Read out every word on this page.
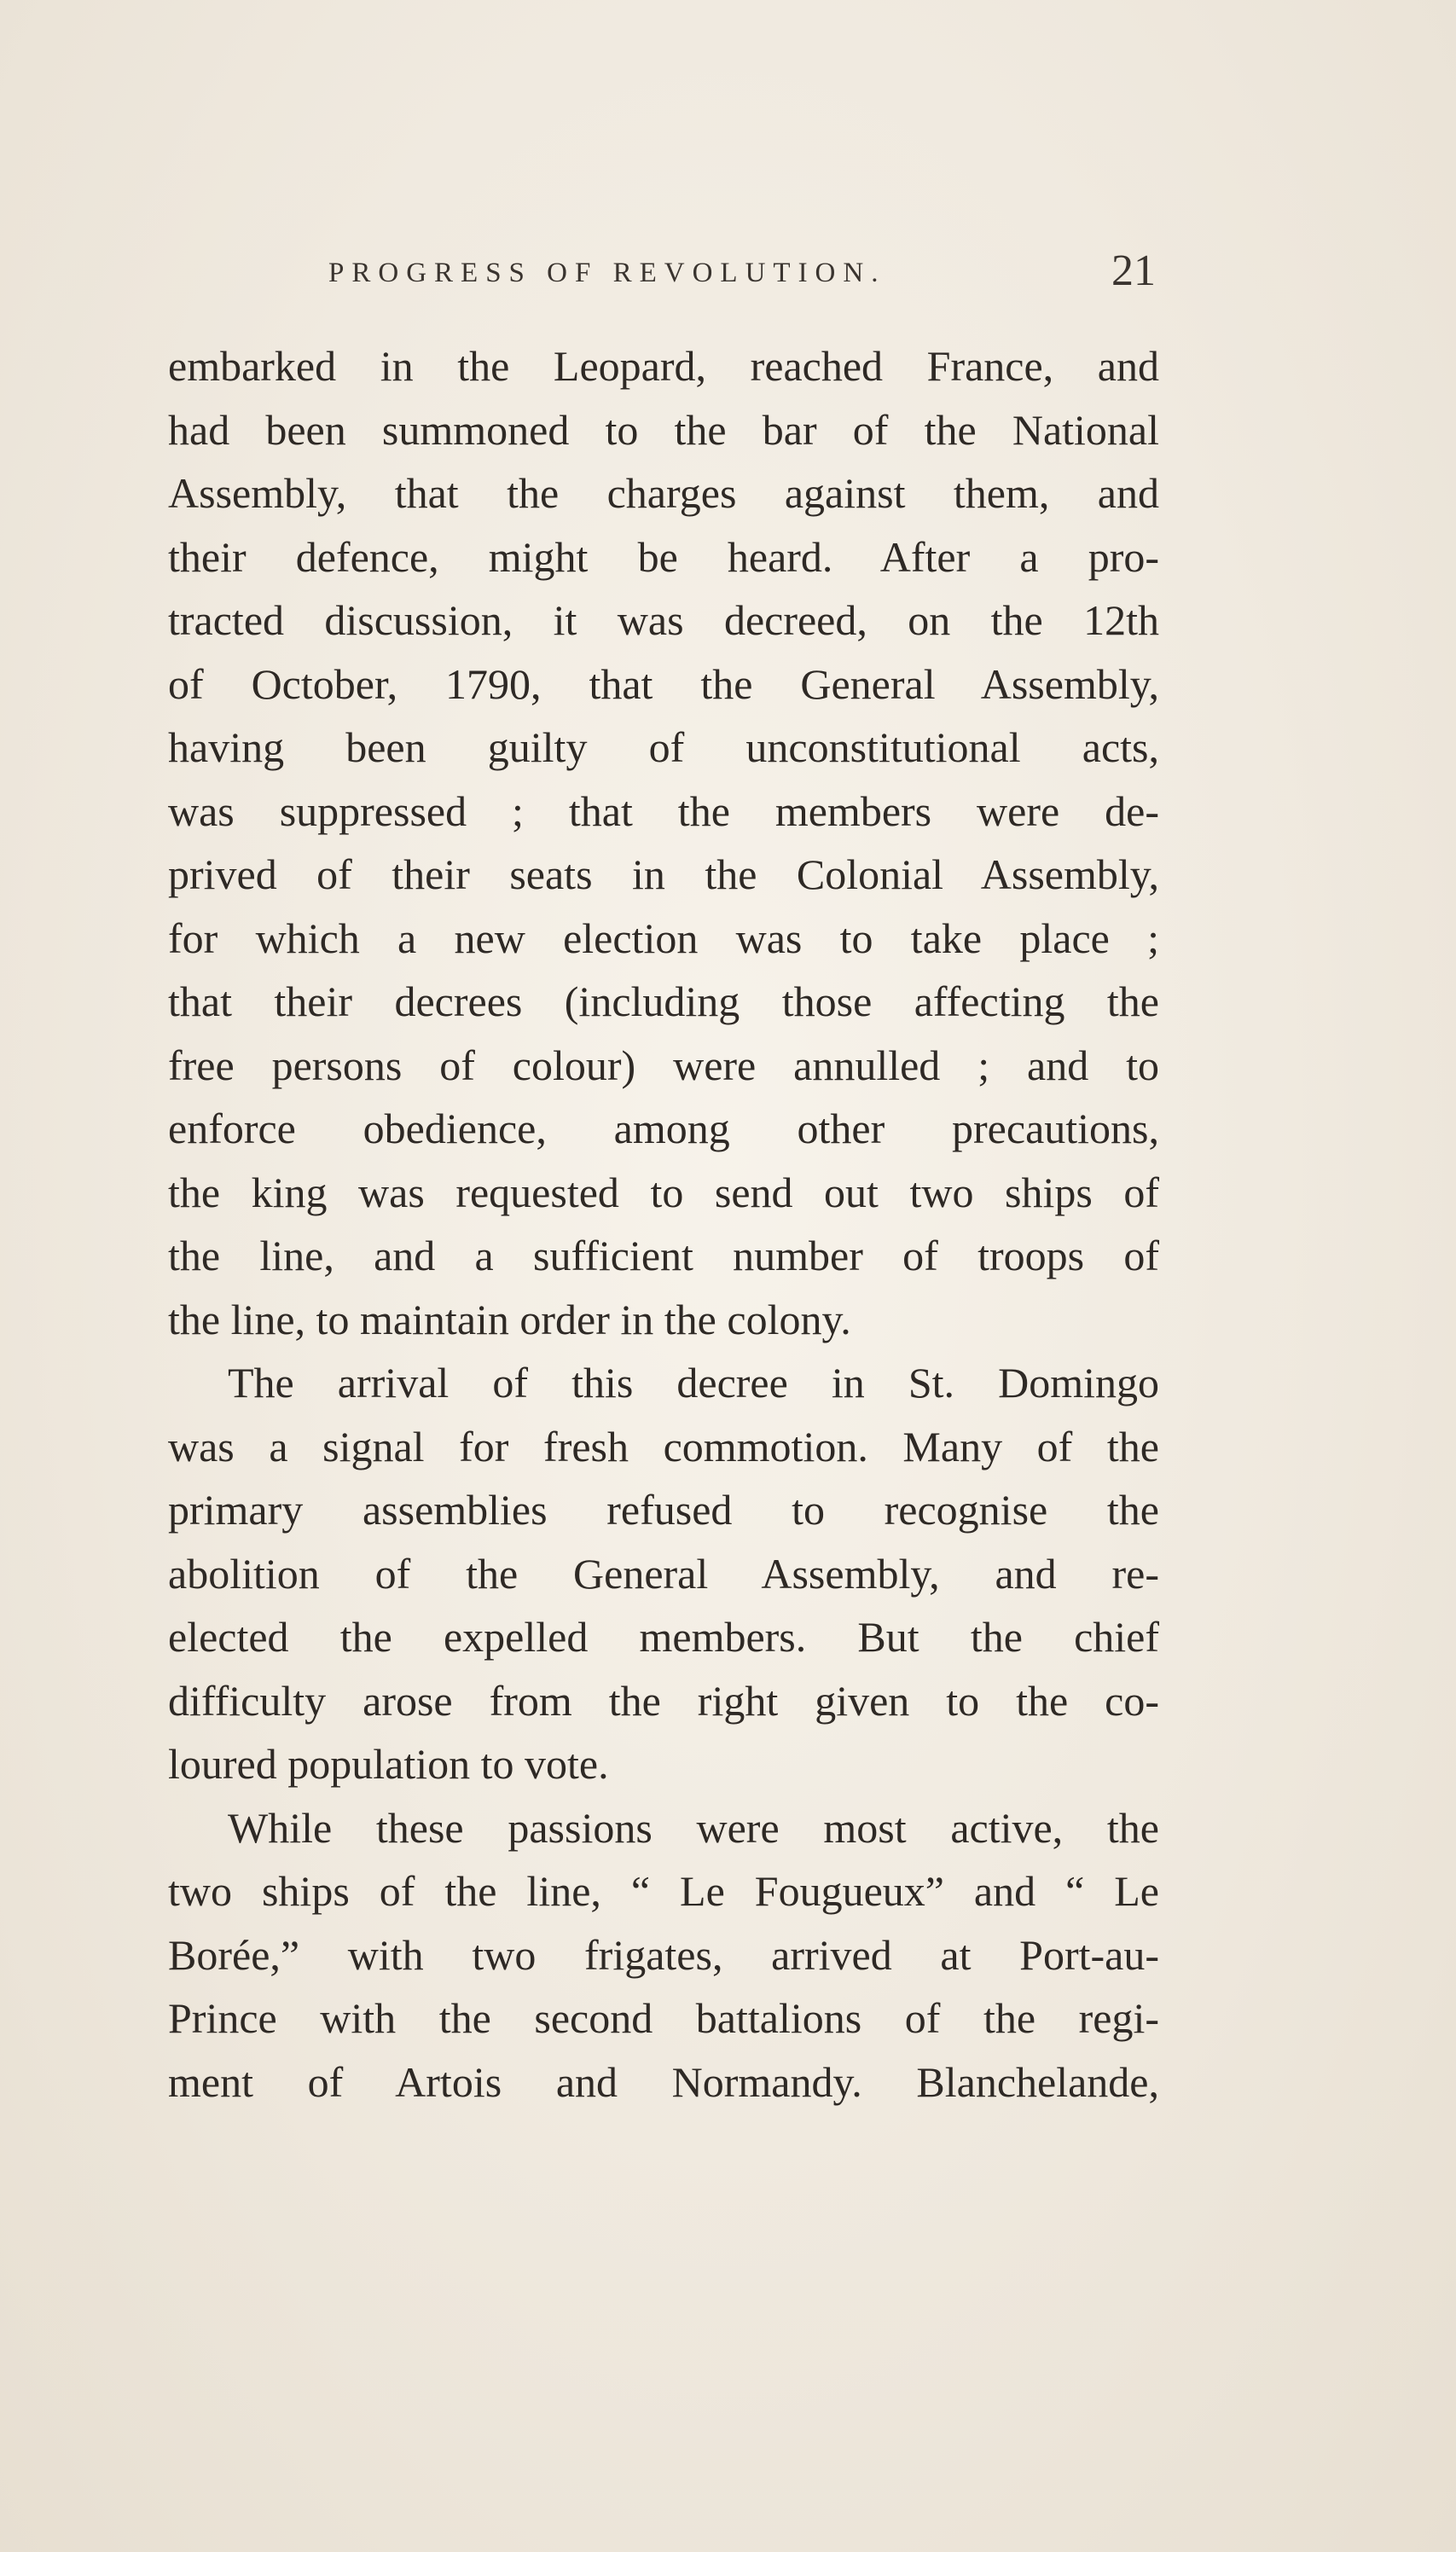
PROGRESS OF REVOLUTION.	21
embarked in the Leopard, reached France, and
had been summoned to the bar of the National
Assembly, that the charges against them, and
their defence, might be heard. After a pro-
tracted discussion, it was decreed, on the 12th
of October, 1790, that the General Assembly,
having been guilty of unconstitutional acts,
was suppressed ; that the members were de-
prived of their seats in the Colonial Assembly,
for which a new election was to take place ;
that their decrees (including those affecting the
free persons of colour) were annulled ; and to
enforce obedience, among other precautions,
the king was requested to send out two ships of
the line, and a sufficient number of troops of
the line, to maintain order in the colony.
The arrival of this decree in St. Domingo
was a signal for fresh commotion. Many of the
primary assemblies refused to recognise the
abolition of the General Assembly, and re-
elected the expelled members. But the chief
difficulty arose from the right given to the co-
loured population to vote.
While these passions were most active, the
two ships of the line, “ Le Fougueux” and “ Le
Borée,” with two frigates, arrived at Port-au-
Prince with the second battalions of the regi-
ment of Artois and Normandy. Blanchelande,
